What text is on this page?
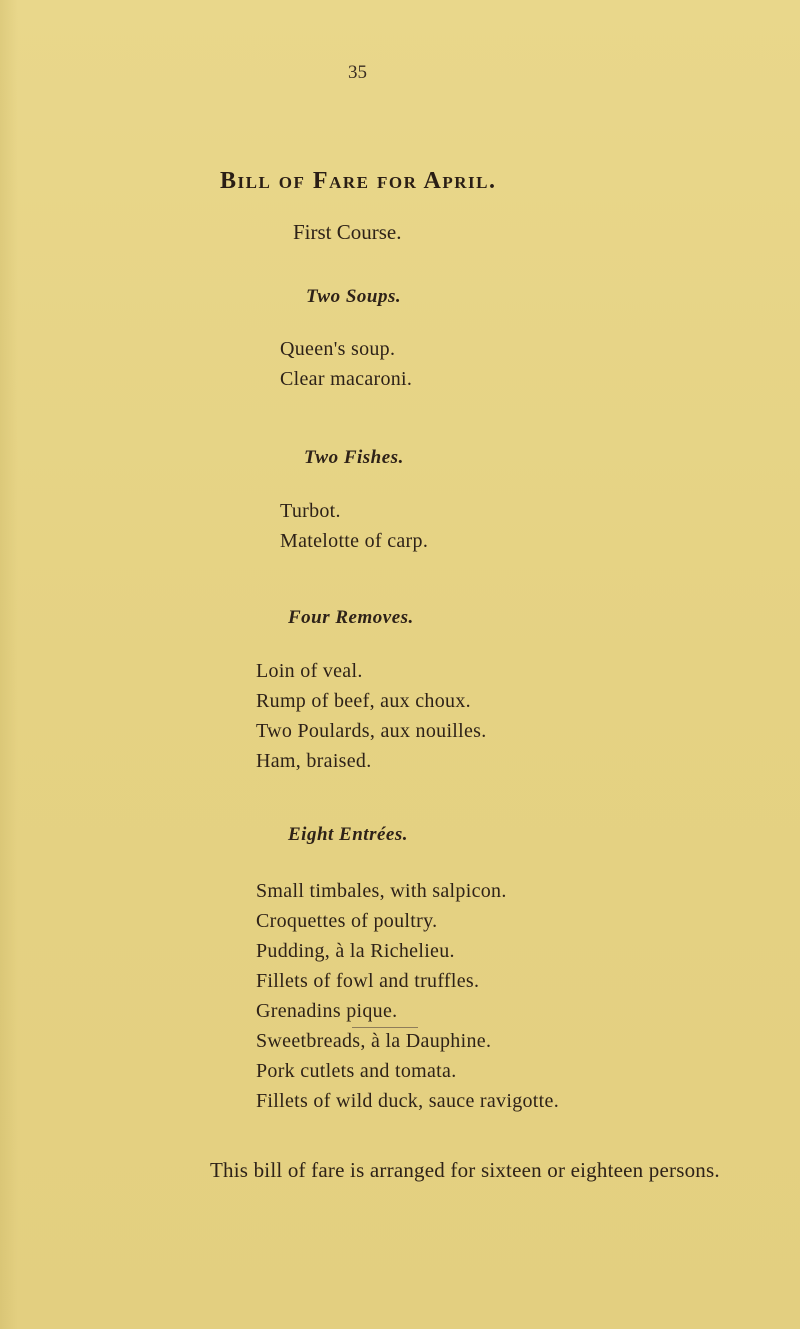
35
Bill of Fare for April.
First Course.
Two Soups.
Queen's soup.
Clear macaroni.
Two Fishes.
Turbot.
Matelotte of carp.
Four Removes.
Loin of veal.
Rump of beef, aux choux.
Two Poulards, aux nouilles.
Ham, braised.
Eight Entrées.
Small timbales, with salpicon.
Croquettes of poultry.
Pudding, à la Richelieu.
Fillets of fowl and truffles.
Grenadins pique.
Sweetbreads, à la Dauphine.
Pork cutlets and tomata.
Fillets of wild duck, sauce ravigotte.
This bill of fare is arranged for sixteen or eighteen persons.
